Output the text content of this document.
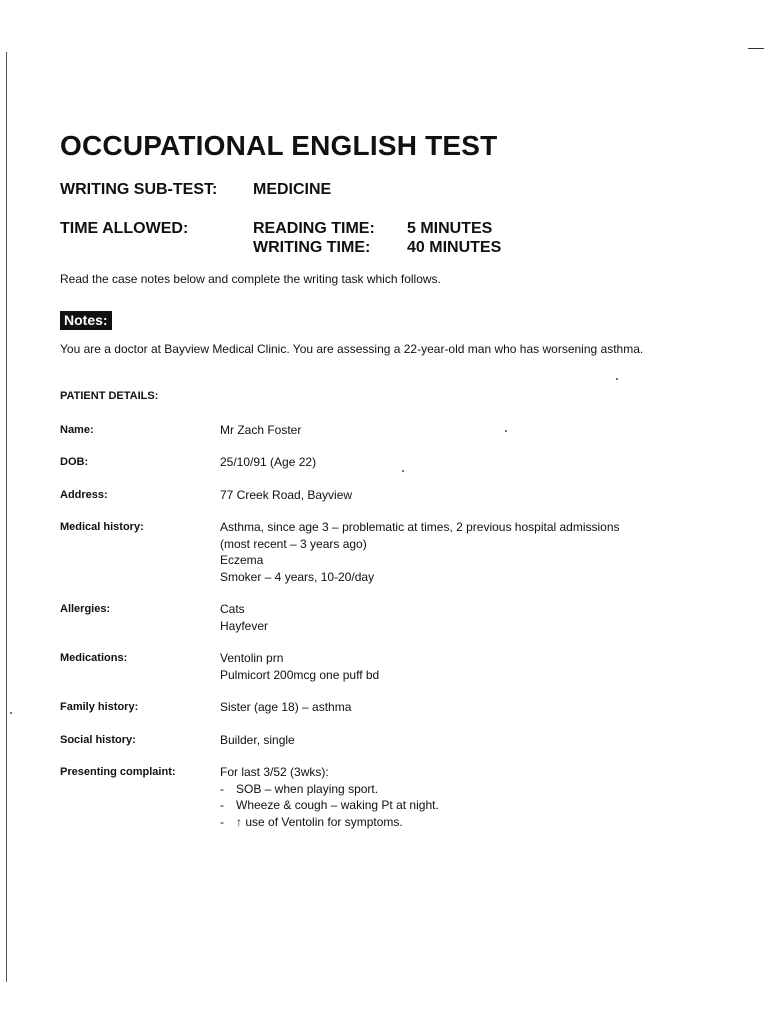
OCCUPATIONAL ENGLISH TEST
WRITING SUB-TEST: MEDICINE
TIME ALLOWED:	READING TIME: 5 MINUTES
WRITING TIME: 40 MINUTES
Read the case notes below and complete the writing task which follows.
Notes:
You are a doctor at Bayview Medical Clinic. You are assessing a 22-year-old man who has worsening asthma.
PATIENT DETAILS:
Name:	Mr Zach Foster
DOB:	25/10/91 (Age 22)
Address:	77 Creek Road, Bayview
Medical history:	Asthma, since age 3 – problematic at times, 2 previous hospital admissions
(most recent – 3 years ago)
Eczema
Smoker – 4 years, 10-20/day
Allergies:	Cats
Hayfever
Medications:	Ventolin prn
Pulmicort 200mcg one puff bd
Family history:	Sister (age 18) – asthma
Social history:	Builder, single
Presenting complaint:	For last 3/52 (3wks):
- SOB – when playing sport.
- Wheeze & cough – waking Pt at night.
- ↑ use of Ventolin for symptoms.
